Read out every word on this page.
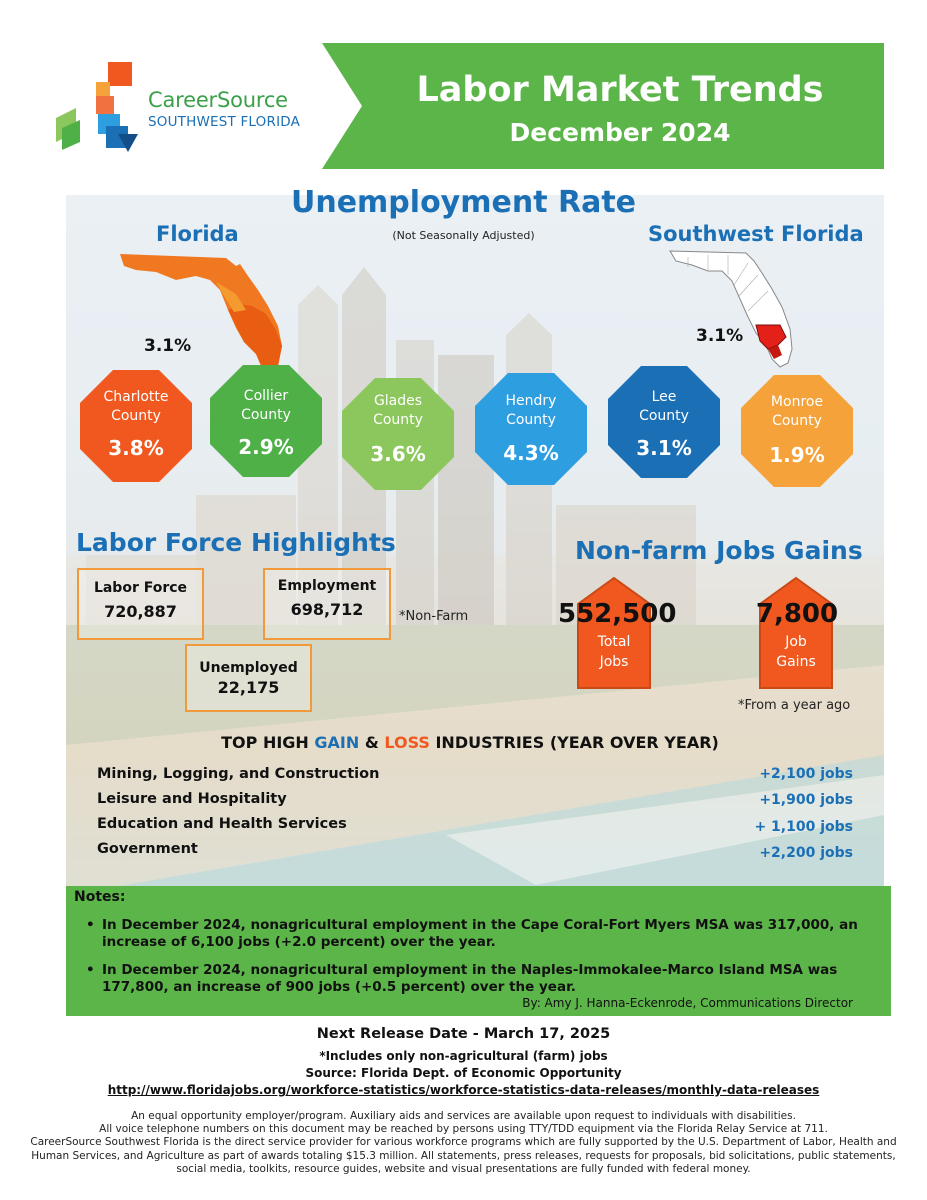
CareerSource
SOUTHWEST FLORIDA
Labor Market Trends
December 2024
Unemployment Rate
(Not Seasonally Adjusted)
Florida	Southwest Florida
3.1%	3.1%
Charlotte
County
3.8%
Collier
County
2.9%
Glades
County
3.6%
Hendry
County
4.3%
Lee
County
3.1%
Monroe
County
1.9%
Labor Force Highlights
Labor Force
720,887
Employment
698,712
Unemployed
22,175
*Non-Farm
Non-farm Jobs Gains
Total
Jobs
552,500
Job
Gains
7,800
*From a year ago
TOP HIGH GAIN & LOSS INDUSTRIES (YEAR OVER YEAR)
Mining, Logging, and Construction	+2,100 jobs
Leisure and Hospitality	+1,900 jobs
Education and Health Services	+ 1,100 jobs
Government	+2,200 jobs
Notes:
• In December 2024, nonagricultural employment in the Cape Coral-Fort Myers MSA was 317,000, an increase of 6,100 jobs (+2.0 percent) over the year.
• In December 2024, nonagricultural employment in the Naples-Immokalee-Marco Island MSA was 177,800, an increase of 900 jobs (+0.5 percent) over the year.
By: Amy J. Hanna-Eckenrode, Communications Director
Next Release Date - March 17, 2025
*Includes only non-agricultural (farm) jobs
Source: Florida Dept. of Economic Opportunity
http://www.floridajobs.org/workforce-statistics/workforce-statistics-data-releases/monthly-data-releases
An equal opportunity employer/program. Auxiliary aids and services are available upon request to individuals with disabilities.
All voice telephone numbers on this document may be reached by persons using TTY/TDD equipment via the Florida Relay Service at 711.
CareerSource Southwest Florida is the direct service provider for various workforce programs which are fully supported by the U.S. Department of Labor, Health and Human Services, and Agriculture as part of awards totaling $15.3 million. All statements, press releases, requests for proposals, bid solicitations, public statements, social media, toolkits, resource guides, website and visual presentations are fully funded with federal money.
